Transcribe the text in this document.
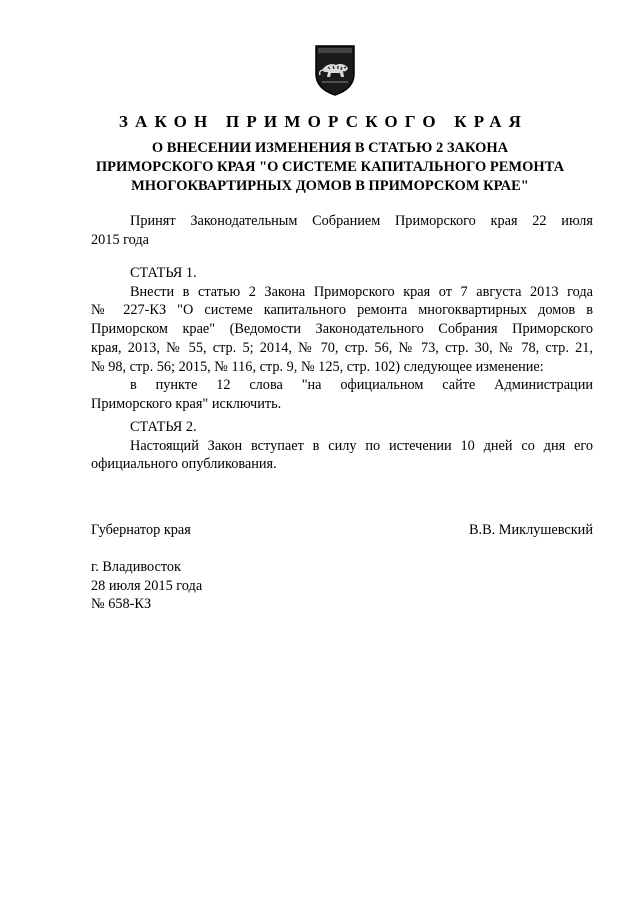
ЗАКОН ПРИМОРСКОГО КРАЯ
О ВНЕСЕНИИ ИЗМЕНЕНИЯ В СТАТЬЮ 2 ЗАКОНА
ПРИМОРСКОГО КРАЯ "О СИСТЕМЕ КАПИТАЛЬНОГО РЕМОНТА
МНОГОКВАРТИРНЫХ ДОМОВ В ПРИМОРСКОМ КРАЕ"
Принят Законодательным Собранием Приморского края 22 июля
2015 года
СТАТЬЯ 1.
Внести в статью 2 Закона Приморского края от 7 августа 2013 года
№ 227-КЗ "О системе капитального ремонта многоквартирных домов в
Приморском крае" (Ведомости Законодательного Собрания Приморского
края, 2013, № 55, стр. 5; 2014, № 70, стр. 56, № 73, стр. 30, № 78, стр. 21,
№ 98, стр. 56; 2015, № 116, стр. 9, № 125, стр. 102) следующее изменение:
в пункте 12 слова "на официальном сайте Администрации
Приморского края" исключить.
СТАТЬЯ 2.
Настоящий Закон вступает в силу по истечении 10 дней со дня его
официального опубликования.
Губернатор края	В.В. Миклушевский
г. Владивосток
28 июля 2015 года
№ 658-КЗ
